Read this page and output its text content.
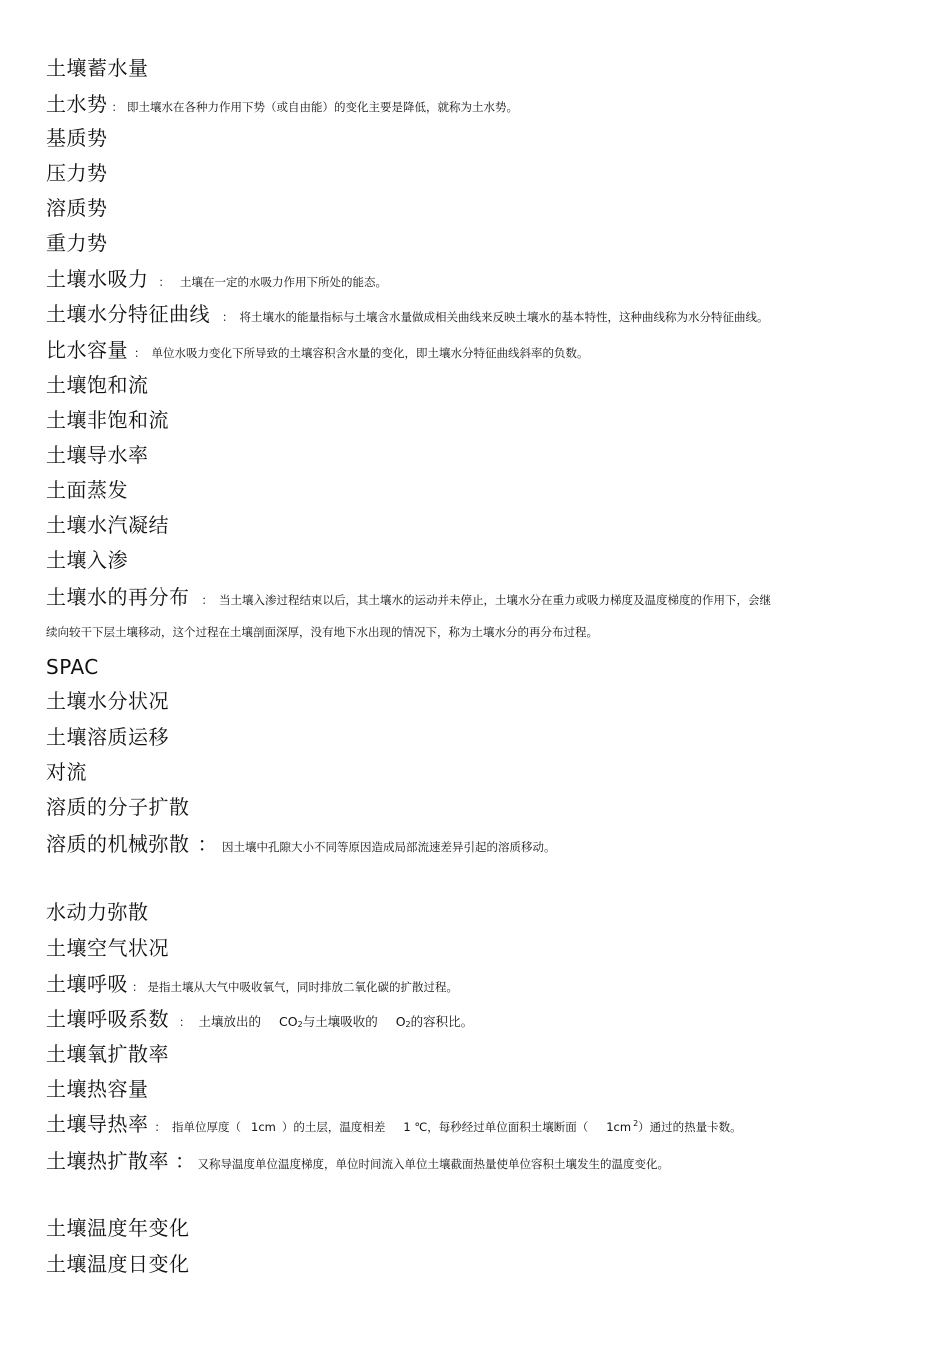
土壤蓄水量
土水势 ： 即土壤水在各种力作用下势（或自由能）的变化主要是降低，就称为土水势。
基质势
压力势
溶质势
重力势
土壤水吸力 ： 土壤在一定的水吸力作用下所处的能态。
土壤水分特征曲线 ： 将土壤水的能量指标与土壤含水量做成相关曲线来反映土壤水的基本特性，这种曲线称为水分特征曲线。
比水容量 ： 单位水吸力变化下所导致的土壤容积含水量的变化，即土壤水分特征曲线斜率的负数。
土壤饱和流
土壤非饱和流
土壤导水率
土面蒸发
土壤水汽凝结
土壤入渗
土壤水的再分布 ： 当土壤入渗过程结束以后，其土壤水的运动并未停止，土壤水分在重力或吸力梯度及温度梯度的作用下，会继
续向较干下层土壤移动，这个过程在土壤剖面深厚，没有地下水出现的情况下，称为土壤水分的再分布过程。
SPAC
土壤水分状况
土壤溶质运移
对流
溶质的分子扩散
溶质的机械弥散 ： 因土壤中孔隙大小不同等原因造成局部流速差异引起的溶质移动。
水动力弥散
土壤空气状况
土壤呼吸 ： 是指土壤从大气中吸收氧气，同时排放二氧化碳的扩散过程。
土壤呼吸系数 ： 土壤放出的 CO2与土壤吸收的 O2的容积比。
土壤氧扩散率
土壤热容量
土壤导热率 ： 指单位厚度（ 1cm ）的土层，温度相差 1 ℃，每秒经过单位面积土壤断面（ 1cm $^2$）通过的热量卡数。
土壤热扩散率 ： 又称导温度单位温度梯度，单位时间流入单位土壤截面热量使单位容积土壤发生的温度变化。
土壤温度年变化
土壤温度日变化
